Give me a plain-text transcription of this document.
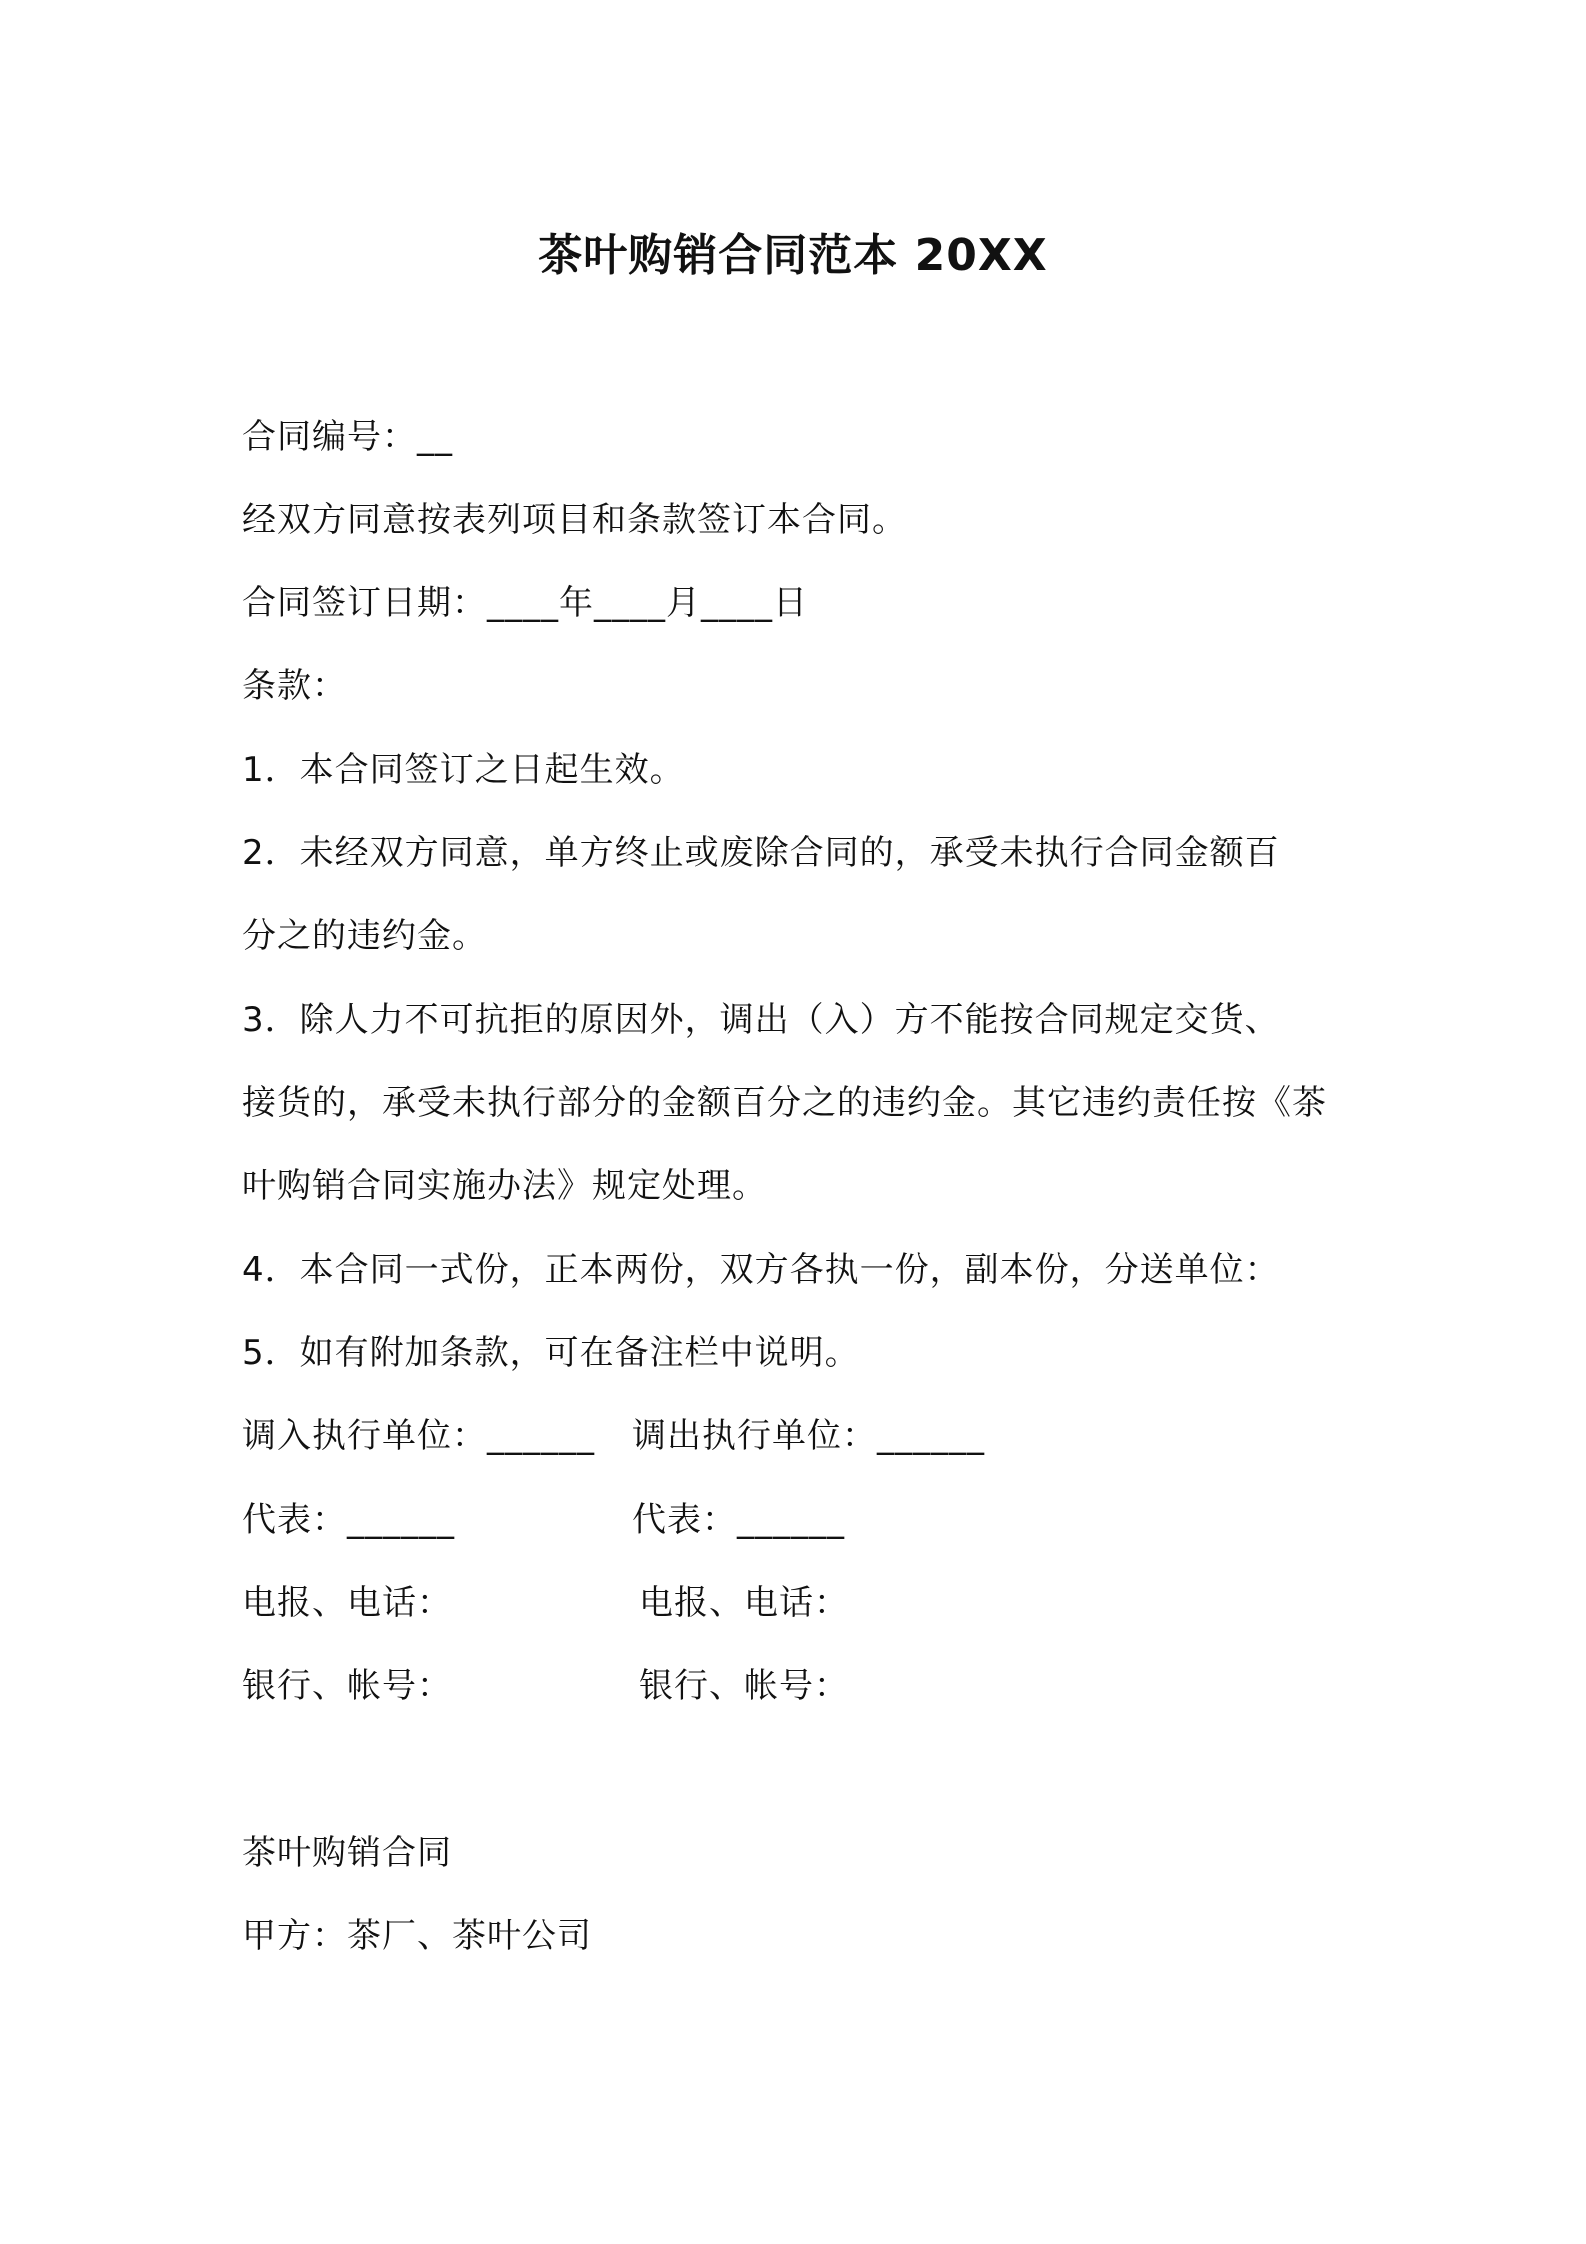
茶叶购销合同范本 20XX
合同编号：__
经双方同意按表列项目和条款签订本合同。
合同签订日期：____年____月____日
条款：
1．本合同签订之日起生效。
2．未经双方同意，单方终止或废除合同的，承受未执行合同金额百
分之的违约金。
3．除人力不可抗拒的原因外，调出（入）方不能按合同规定交货、
接货的，承受未执行部分的金额百分之的违约金。其它违约责任按《茶
叶购销合同实施办法》规定处理。
4．本合同一式份，正本两份，双方各执一份，副本份，分送单位：
5．如有附加条款，可在备注栏中说明。
调入执行单位：______ 调出执行单位：______
代表：______	代表：______
电报、电话：	电报、电话：
银行、帐号：	银行、帐号：
茶叶购销合同
甲方：茶厂、茶叶公司
